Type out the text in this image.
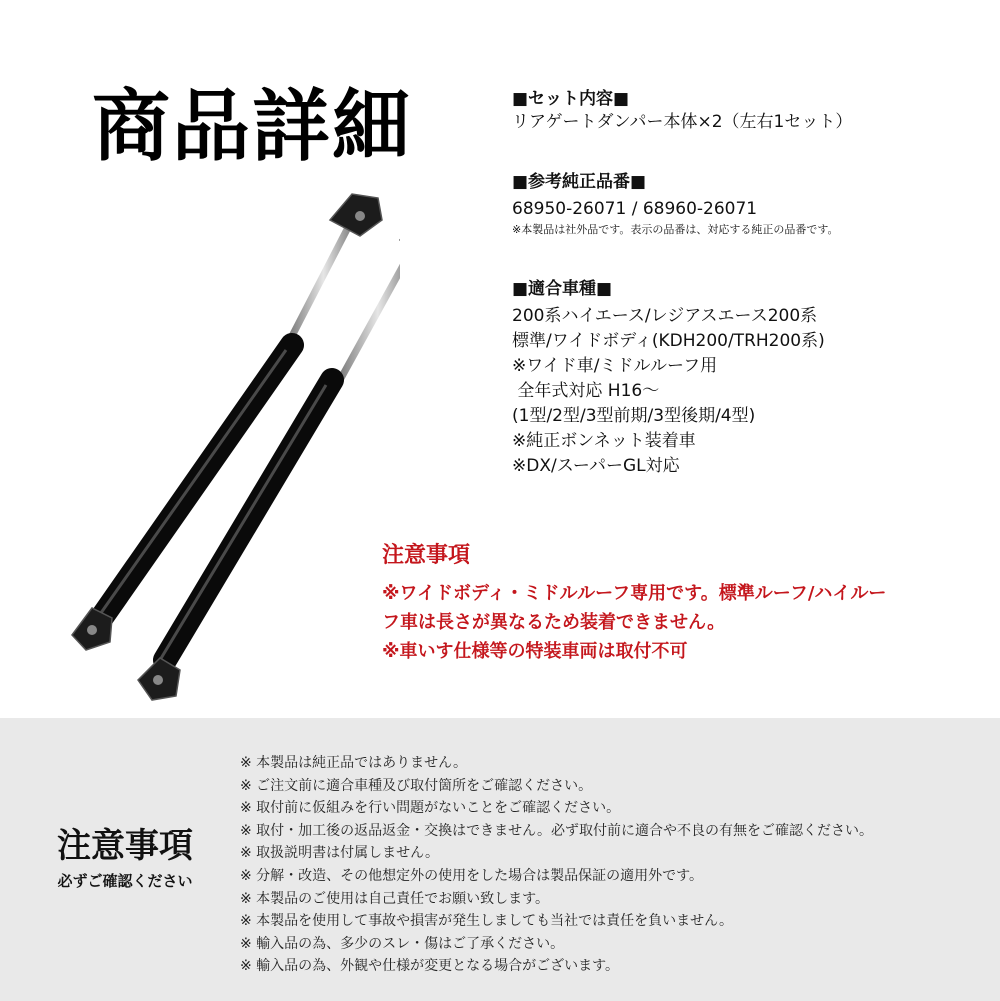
商品詳細	■セット内容■
リアゲートダンパー本体×2（左右1セット）
■参考純正品番■
68950-26071 / 68960-26071
※本製品は社外品です。表示の品番は、対応する純正の品番です。
■適合車種■
200系ハイエース/レジアスエース200系
標準/ワイドボディ(KDH200/TRH200系)
※ワイド車/ミドルルーフ用
全年式対応 H16～
(1型/2型/3型前期/3型後期/4型)
※純正ボンネット装着車
※DX/スーパーGL対応
注意事項
※ワイドボディ・ミドルルーフ専用です。標準ルーフ/ハイルー
フ車は長さが異なるため装着できません。
※車いす仕様等の特装車両は取付不可
注意事項
必ずご確認ください
※ 本製品は純正品ではありません。
※ ご注文前に適合車種及び取付箇所をご確認ください。
※ 取付前に仮組みを行い問題がないことをご確認ください。
※ 取付・加工後の返品返金・交換はできません。必ず取付前に適合や不良の有無をご確認ください。
※ 取扱説明書は付属しません。
※ 分解・改造、その他想定外の使用をした場合は製品保証の適用外です。
※ 本製品のご使用は自己責任でお願い致します。
※ 本製品を使用して事故や損害が発生しましても当社では責任を負いません。
※ 輸入品の為、多少のスレ・傷はご了承ください。
※ 輸入品の為、外観や仕様が変更となる場合がございます。
